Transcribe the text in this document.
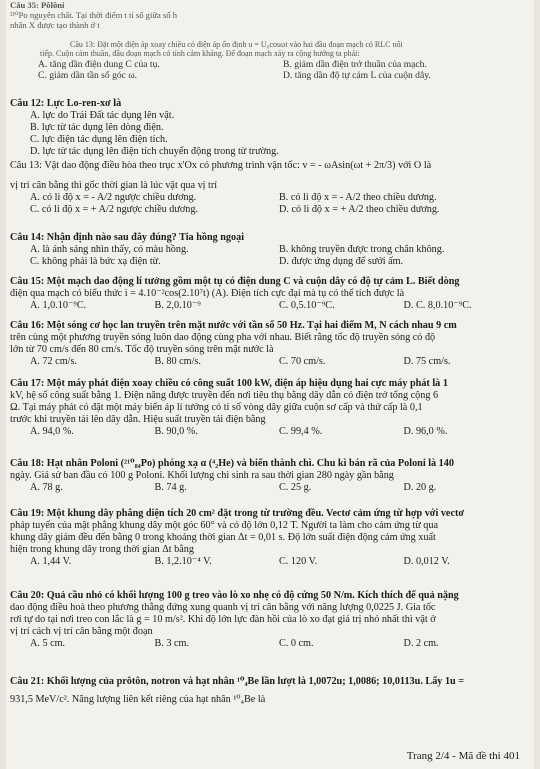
Câu 35: Pôlôni
²¹⁰Po nguyên chất. Tại thời điểm t tỉ số giữa số h
nhân X được tạo thành ở t
Câu 13: Đặt một điện áp xoay chiều có điện áp ổn định u = U₀cosωt vào hai đầu đoạn mạch có RLC nối
tiếp. Cuộn cảm thuần, đầu đoạn mạch có tính cảm kháng. Để đoạn mạch xảy ra cộng hưởng ta phải:
A. tăng dần điện dung C của tụ.	B. giảm dần điện trở thuần của mạch.
C. giảm dần tần số góc ω.	D. tăng dần độ tự cảm L của cuộn dây.
Câu 12: Lực Lo-ren-xơ là
A. lực do Trái Đất tác dụng lên vật.
B. lực từ tác dụng lên dòng điện.
C. lực điện tác dụng lên điện tích.
D. lực từ tác dụng lên điện tích chuyển động trong từ trường.
Câu 13: Vật dao động điều hòa theo trục x'Ox có phương trình vận tốc: v = - ωAsin(ωt + 2π/3) với O là
vị trí cân bằng thì gốc thời gian là lúc vật qua vị trí
A. có li độ x = - A/2 ngược chiều dương.	B. có li độ x = - A/2 theo chiều dương.
C. có li độ x = + A/2 ngược chiều dương.	D. có li độ x = + A/2 theo chiều dương.
Câu 14: Nhận định nào sau đây đúng? Tia hồng ngoại
A. là ánh sáng nhìn thấy, có màu hồng.	B. không truyền được trong chân không.
C. không phải là bức xạ điện từ.	D. được ứng dụng để sưởi ấm.
Câu 15: Một mạch dao động lí tưởng gồm một tụ có điện dung C và cuộn dây có độ tự cảm L. Biết dòng
điện qua mạch có biểu thức i = 4.10⁻²cos(2.10⁷t) (A). Điện tích cực đại mà tụ có thể tích được là
A. 1,0.10⁻⁹C.	B. 2,0.10⁻⁹	C. 0,5.10⁻⁹C.	D. C. 8,0.10⁻⁹C.
Câu 16: Một sóng cơ học lan truyền trên mặt nước với tần số 50 Hz. Tại hai điểm M, N cách nhau 9 cm
trên cùng một phương truyền sóng luôn dao động cùng pha với nhau. Biết rằng tốc độ truyền sóng có độ
lớn từ 70 cm/s đến 80 cm/s. Tốc độ truyền sóng trên mặt nước là
A. 72 cm/s.	B. 80 cm/s.	C. 70 cm/s.	D. 75 cm/s.
Câu 17: Một máy phát điện xoay chiều có công suất 100 kW, điện áp hiệu dụng hai cực máy phát là 1
kV, hệ số công suất bằng 1. Điện năng được truyền đến nơi tiêu thụ bằng dây dẫn có điện trở tổng cộng 6
Ω. Tại máy phát có đặt một máy biến áp lí tưởng có tỉ số vòng dây giữa cuộn sơ cấp và thứ cấp là 0,1
trước khi truyền tải lên dây dẫn. Hiệu suất truyền tải điện bằng
A. 94,0 %.	B. 90,0 %.	C. 99,4 %.	D. 96,0 %.
Câu 18: Hạt nhân Poloni (²¹⁰₈₄Po) phóng xạ α (⁴₂He) và biến thành chì. Chu kì bán rã của Poloni là 140
ngày. Giả sử ban đầu có 100 g Poloni. Khối lượng chì sinh ra sau thời gian 280 ngày gần bằng
A. 78 g.	B. 74 g.	C. 25 g.	D. 20 g.
Câu 19: Một khung dây phẳng diện tích 20 cm² đặt trong từ trường đều. Vectơ cảm ứng từ hợp với vectơ
pháp tuyến của mặt phẳng khung dây một góc 60° và có độ lớn 0,12 T. Người ta làm cho cảm ứng từ qua
khung dây giảm đều đến bằng 0 trong khoảng thời gian Δt = 0,01 s. Độ lớn suất điện động cảm ứng xuất
hiện trong khung dây trong thời gian Δt bằng
A. 1,44 V.	B. 1,2.10⁻⁴ V.	C. 120 V.	D. 0,012 V.
Câu 20: Quả cầu nhỏ có khối lượng 100 g treo vào lò xo nhẹ có độ cứng 50 N/m. Kích thích để quả nặng
dao động điều hoà theo phương thẳng đứng xung quanh vị trí cân bằng với năng lượng 0,0225 J. Gia tốc
rơi tự do tại nơi treo con lắc là g = 10 m/s². Khi độ lớn lực đàn hồi của lò xo đạt giá trị nhỏ nhất thì vật ở
vị trí cách vị trí cân bằng một đoạn
A. 5 cm.	B. 3 cm.	C. 0 cm.	D. 2 cm.
Câu 21: Khối lượng của prôtôn, notron và hạt nhân ¹⁰₄Be lần lượt là 1,0072u; 1,0086; 10,0113u. Lấy 1u =
931,5 MeV/c². Năng lượng liên kết riêng của hạt nhân ¹⁰₄Be là
Trang 2/4 - Mã đề thi 401
